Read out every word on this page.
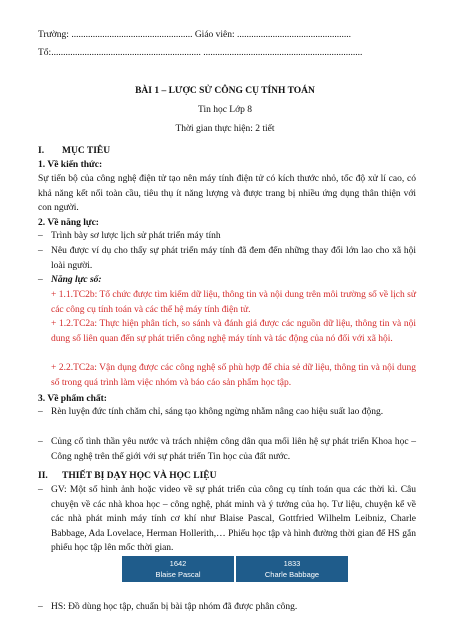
Trường: ................................................... Giáo viên: ................................................
Tổ:............................................................... ...................................................................
BÀI 1 – LƯỢC SỬ CÔNG CỤ TÍNH TOÁN
Tin học Lớp 8
Thời gian thực hiện: 2 tiết
I. MỤC TIÊU
1. Về kiến thức:
Sự tiến bộ của công nghệ điện tử tạo nên máy tính điện tử có kích thước nhỏ, tốc độ xử lí cao, có khả năng kết nối toàn cầu, tiêu thụ ít năng lượng và được trang bị nhiều ứng dụng thân thiện với con người.
2. Về năng lực:
– Trình bày sơ lược lịch sử phát triển máy tính
– Nêu được ví dụ cho thấy sự phát triển máy tính đã đem đến những thay đổi lớn lao cho xã hội loài người.
– Năng lực số:
+ 1.1.TC2b: Tổ chức được tìm kiếm dữ liệu, thông tin và nội dung trên môi trường số về lịch sử các công cụ tính toán và các thế hệ máy tính điện tử.
+ 1.2.TC2a: Thực hiện phân tích, so sánh và đánh giá được các nguồn dữ liệu, thông tin và nội dung số liên quan đến sự phát triển công nghệ máy tính và tác động của nó đối với xã hội.
+ 2.2.TC2a: Vận dụng được các công nghệ số phù hợp để chia sẻ dữ liệu, thông tin và nội dung số trong quá trình làm việc nhóm và báo cáo sản phẩm học tập.
3. Về phẩm chất:
– Rèn luyện đức tính chăm chỉ, sáng tạo không ngừng nhằm nâng cao hiệu suất lao động.
– Củng cố tình thần yêu nước và trách nhiệm công dân qua mối liên hệ sự phát triển Khoa học – Công nghệ trên thế giới với sự phát triển Tin học của đất nước.
II. THIẾT BỊ DẠY HỌC VÀ HỌC LIỆU
– GV: Một số hình ảnh hoặc video về sự phát triển của công cụ tính toán qua các thời kì. Câu chuyện về các nhà khoa học – công nghệ, phát minh và ý tưởng của họ. Tư liệu, chuyện kể về các nhà phát minh máy tính cơ khí như Blaise Pascal, Gottfried Wilhelm Leibniz, Charle Babbage, Ada Lovelace, Herman Hollerith,… Phiếu học tập và hình đường thời gian để HS gắn phiếu học tập lên mốc thời gian.
1642
Blaise Pascal
1833
Charle Babbage
– HS: Đồ dùng học tập, chuẩn bị bài tập nhóm đã được phân công.
